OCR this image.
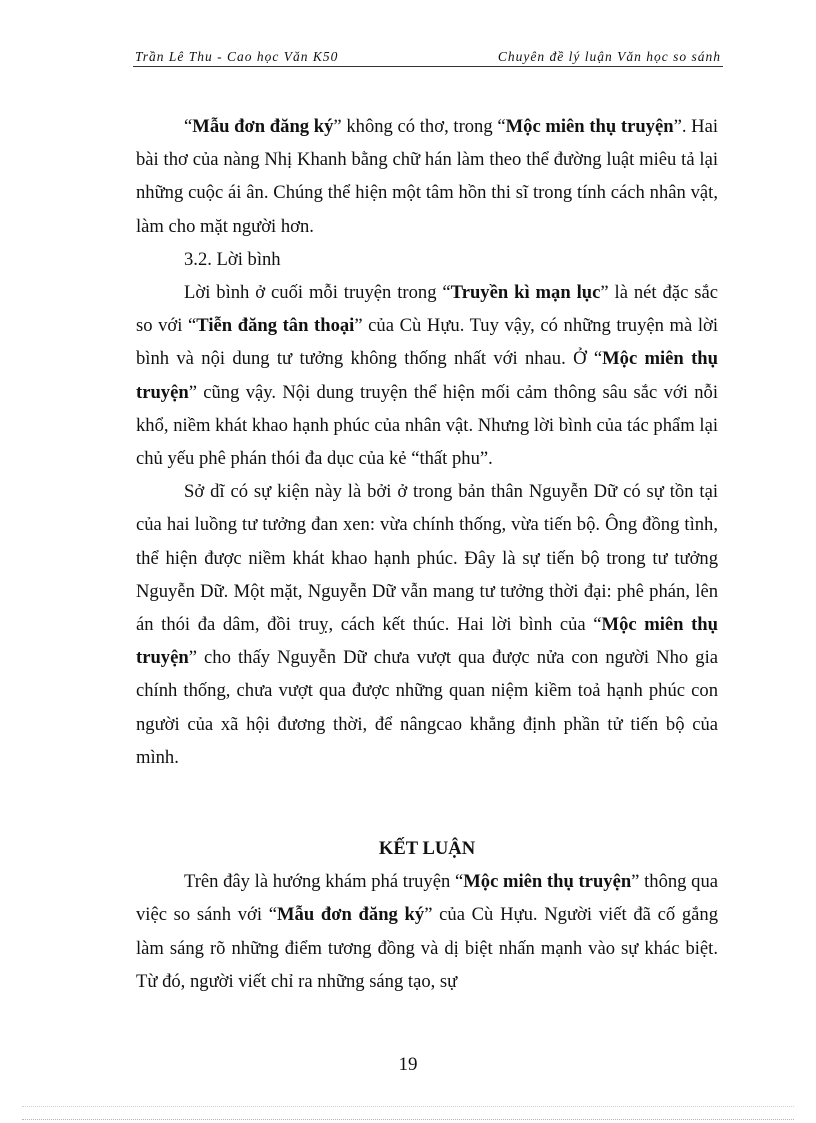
Trần Lê Thu - Cao học Văn K50	Chuyên đề lý luận Văn học so sánh

“Mẫu đơn đăng ký” không có thơ, trong “Mộc miên thụ truyện”. Hai bài thơ của nàng Nhị Khanh bằng chữ hán làm theo thể đường luật miêu tả lại những cuộc ái ân. Chúng thể hiện một tâm hồn thi sĩ trong tính cách nhân vật, làm cho mặt người hơn.

3.2. Lời bình

Lời bình ở cuối mỗi truyện trong “Truyền kì mạn lục” là nét đặc sắc so với “Tiễn đăng tân thoại” của Cù Hựu. Tuy vậy, có những truyện mà lời bình và nội dung tư tưởng không thống nhất với nhau. Ở “Mộc miên thụ truyện” cũng vậy. Nội dung truyện thể hiện mối cảm thông sâu sắc với nỗi khổ, niềm khát khao hạnh phúc của nhân vật. Nhưng lời bình của tác phẩm lại chủ yếu phê phán thói đa dục của kẻ “thất phu”.

Sở dĩ có sự kiện này là bởi ở trong bản thân Nguyễn Dữ có sự tồn tại của hai luồng tư tưởng đan xen: vừa chính thống, vừa tiến bộ. Ông đồng tình, thể hiện được niềm khát khao hạnh phúc. Đây là sự tiến bộ trong tư tưởng Nguyễn Dữ. Một mặt, Nguyễn Dữ vẫn mang tư tưởng thời đại: phê phán, lên án thói đa dâm, đồi truỵ, cách kết thúc. Hai lời bình của “Mộc miên thụ truyện” cho thấy Nguyễn Dữ chưa vượt qua được nửa con người Nho gia chính thống, chưa vượt qua được những quan niệm kiềm toả hạnh phúc con người của xã hội đương thời, để nângcao khẳng định phần tử tiến bộ của mình.

KẾT LUẬN

Trên đây là hướng khám phá truyện “Mộc miên thụ truyện” thông qua việc so sánh với “Mẫu đơn đăng ký” của Cù Hựu. Người viết đã cố gắng làm sáng rõ những điểm tương đồng và dị biệt nhấn mạnh vào sự khác biệt. Từ đó, người viết chỉ ra những sáng tạo, sự

19
